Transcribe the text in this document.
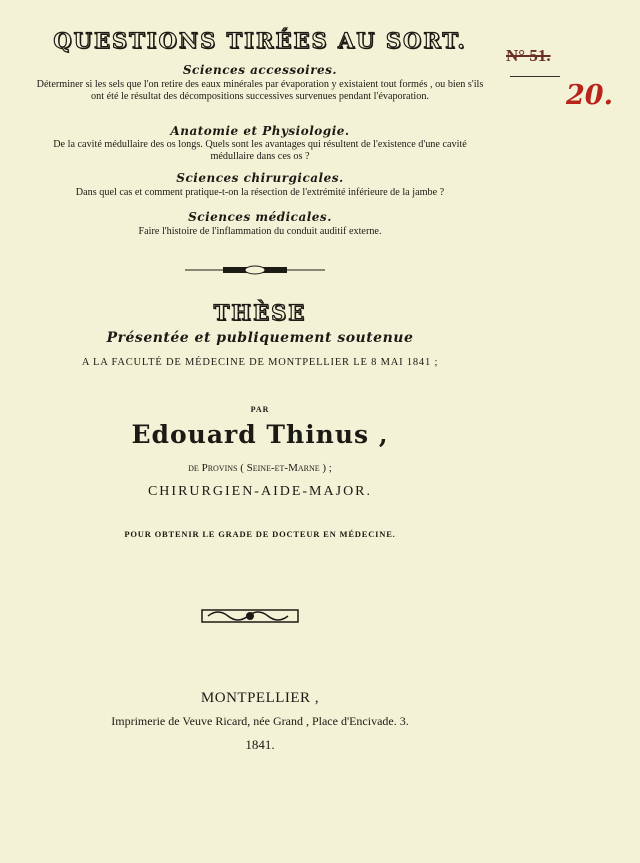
QUESTIONS TIRÉES AU SORT.
N° 51.
20.
Sciences accessoires.
Déterminer si les sels que l'on retire des eaux minérales par évaporation y existaient tout formés , ou bien s'ils ont été le résultat des décompositions successives survenues pendant l'évaporation.
Anatomie et Physiologie.
De la cavité médullaire des os longs. Quels sont les avantages qui résultent de l'existence d'une cavité médullaire dans ces os ?
Sciences chirurgicales.
Dans quel cas et comment pratique-t-on la résection de l'extrémité inférieure de la jambe ?
Sciences médicales.
Faire l'histoire de l'inflammation du conduit auditif externe.
THÈSE
Présentée et publiquement soutenue
A LA FACULTÉ DE MÉDECINE DE MONTPELLIER LE 8 MAI 1841 ;
PAR
Edouard Thinus ,
de Provins ( Seine-et-Marne ) ;
CHIRURGIEN-AIDE-MAJOR.
POUR OBTENIR LE GRADE DE DOCTEUR EN MÉDECINE.
MONTPELLIER ,
Imprimerie de Veuve Ricard, née Grand , Place d'Encivade. 3.
1841.
